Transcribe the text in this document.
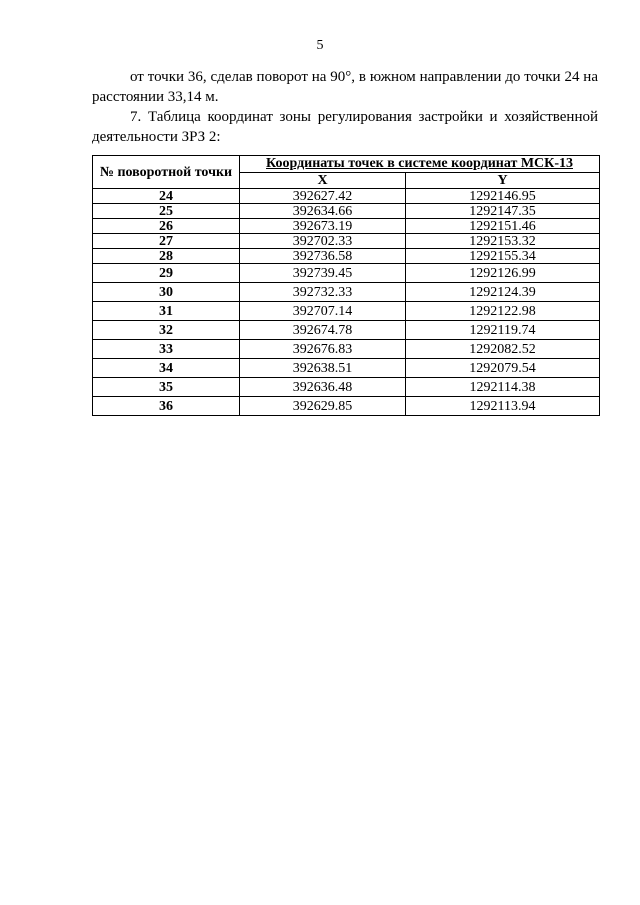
5
от точки 36, сделав поворот на 90°, в южном направлении до точки 24 на расстоянии 33,14 м.
7. Таблица координат зоны регулирования застройки и хозяйственной деятельности ЗРЗ 2:
№ поворотной точки	Координаты точек в системе координат МСК-13	
	X	Y
24	392627.42	1292146.95
25	392634.66	1292147.35
26	392673.19	1292151.46
27	392702.33	1292153.32
28	392736.58	1292155.34
29	392739.45	1292126.99
30	392732.33	1292124.39
31	392707.14	1292122.98
32	392674.78	1292119.74
33	392676.83	1292082.52
34	392638.51	1292079.54
35	392636.48	1292114.38
36	392629.85	1292113.94
